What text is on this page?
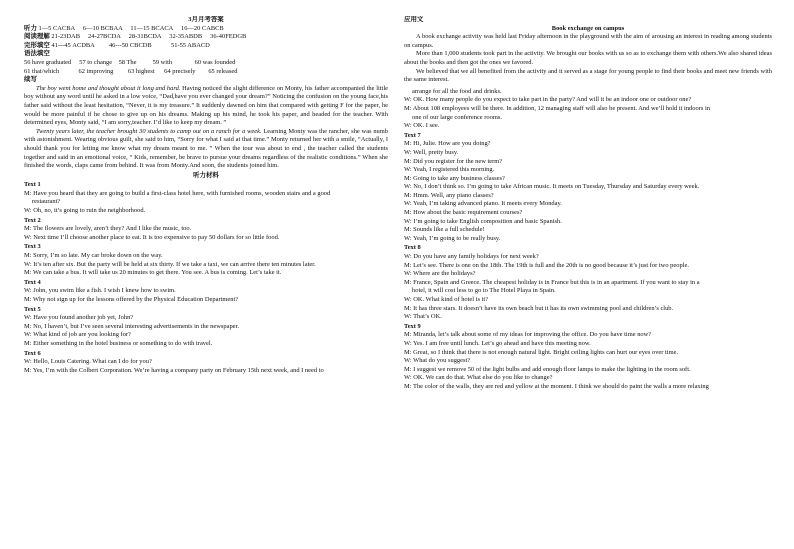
3月月考答案
听力 1—5 CACBA     6—10 BCBAA     11—15 BCACA     16—20 CABCB
阅读理解 21-23DAB     24-27BCDA     28-31BCDA     32-35ABDB     36-40FEDGB
完形填空 41---45 ACDBA         46---50 CBCDB            51-55 ABACD
语法填空
56 have graduated     57 to change    58 The          59 with              60 was founded
61 that/which            62 improving         63 highest      64 precisely        65 released
续写
The boy went home and thought about it long and hard. Having noticed the slight difference on Monty, his father accompanied the little boy without any word until he asked in a low voice, “Dad,have you ever changed your dream?” Noticing the confusion on the young face,his father said without the least hesitation, “Never, it is my treasure.” It suddenly dawned on him that compared with getting F for the paper, he would be more painful if he chose to give up on his dreams. Making up his mind, he took his paper, and headed for the teacher. With determined eyes, Monty said, “I am sorry,teacher. I’d like to keep my dream. ”
Twenty years later, the teacher brought 30 students to camp out on a ranch for a week. Learning Monty was the rancher, she was numb with astonishment. Wearing obvious guilt, she said to him, “Sorry for what I said at that time.” Monty returned her with a smile, “Actually, I should thank you for letting me know what my dream meant to me. ” When the tour was about to end , the teacher called the students together and said in an emotional voice, “ Kids, remember, be brave to pursue your dreams regardless of the realistic conditions.” When she finished the words, claps came from behind. It was from Monty.And soon, the students joined him.
听力材料
Text 1
M: Have you heard that they are going to build a first-class hotel here, with furnished rooms, wooden stairs and a good
restaurant?
W: Oh, no, it’s going to ruin the neighborhood.
Text 2
M: The flowers are lovely, aren’t they? And I like the music, too.
W: Next time I’ll choose another place to eat. It is too expensive to pay 50 dollars for so little food.
Text 3
M: Sorry, I’m so late. My car broke down on the way.
W: It’s ten after six. But the party will be held at six thirty. If we take a taxi, we can arrive there ten minutes later.
M: We can take a bus. It will take us 20 minutes to get there. You see. A bus is coming. Let’s take it.
Text 4
W: John, you swim like a fish. I wish I knew how to swim.
M: Why not sign up for the lessons offered by the Physical Education Department?
Text 5
W: Have you found another job yet, John?
M: No, I haven’t, but I’ve seen several interesting advertisements in the newspaper.
W: What kind of job are you looking for?
M: Either something in the hotel business or something to do with travel.
Text 6
W: Hello, Louis Catering. What can I do for you?
M: Yes, I’m with the Colbert Corporation. We’re having a company party on February 15th next week, and I need to
应用文
Book exchange on campus
A book exchange activity was held last Friday afternoon in the playground with the aim of arousing an interest in reading among students on campus.
More than 1,000 students took part in the activity. We brought our books with us so as to exchange them with others.We also shared ideas about the books and then got the ones we favored.
We believed that we all benefited from the activity and it served as a stage for young people to find their books and meet new friends with the same interest.
arrange for all the food and drinks.
W: OK. How many people do you expect to take part in the party? And will it be an indoor one or outdoor one?
M: About 108 employees will be there. In addition, 12 managing staff will also be present. And we’ll hold it indoors in
one of our large conference rooms.
W: OK. I see.
Text 7
M: Hi, Julie. How are you doing?
W: Well, pretty busy.
M: Did you register for the new term?
W: Yeah, I registered this morning.
M: Going to take any business classes?
W: No, I don’t think so. I’m going to take African music. It meets on Tuesday, Thursday and Saturday every week.
M: Hmm. Well, any piano classes?
W: Yeah, I’m taking advanced piano. It meets every Monday.
M: How about the basic requirement courses?
W: I’m going to take English composition and basic Spanish.
M: Sounds like a full schedule!
W: Yeah, I’m going to be really busy.
Text 8
W: Do you have any family holidays for next week?
M: Let’s see. There is one on the 18th. The 19th is full and the 20th is no good because it’s just for two people.
W: Where are the holidays?
M: France, Spain and Greece. The cheapest holiday is in France but this is in an apartment. If you want to stay in a
hotel, it will cost less to go to The Hotel Playa in Spain.
W: OK. What kind of hotel is it?
M: It has three stars. It doesn’t have its own beach but it has its own swimming pool and children’s club.
W: That’s OK.
Text 9
M: Miranda, let’s talk about some of my ideas for improving the office. Do you have time now?
W: Yes. I am free until lunch. Let’s go ahead and have this meeting now.
M: Great, so I think that there is not enough natural light. Bright ceiling lights can hurt our eyes over time.
W: What do you suggest?
M: I suggest we remove 50 of the light bulbs and add enough floor lamps to make the lighting in the room soft.
W: OK. We can do that. What else do you like to change?
M: The color of the walls, they are red and yellow at the moment. I think we should do paint the walls a more relaxing
